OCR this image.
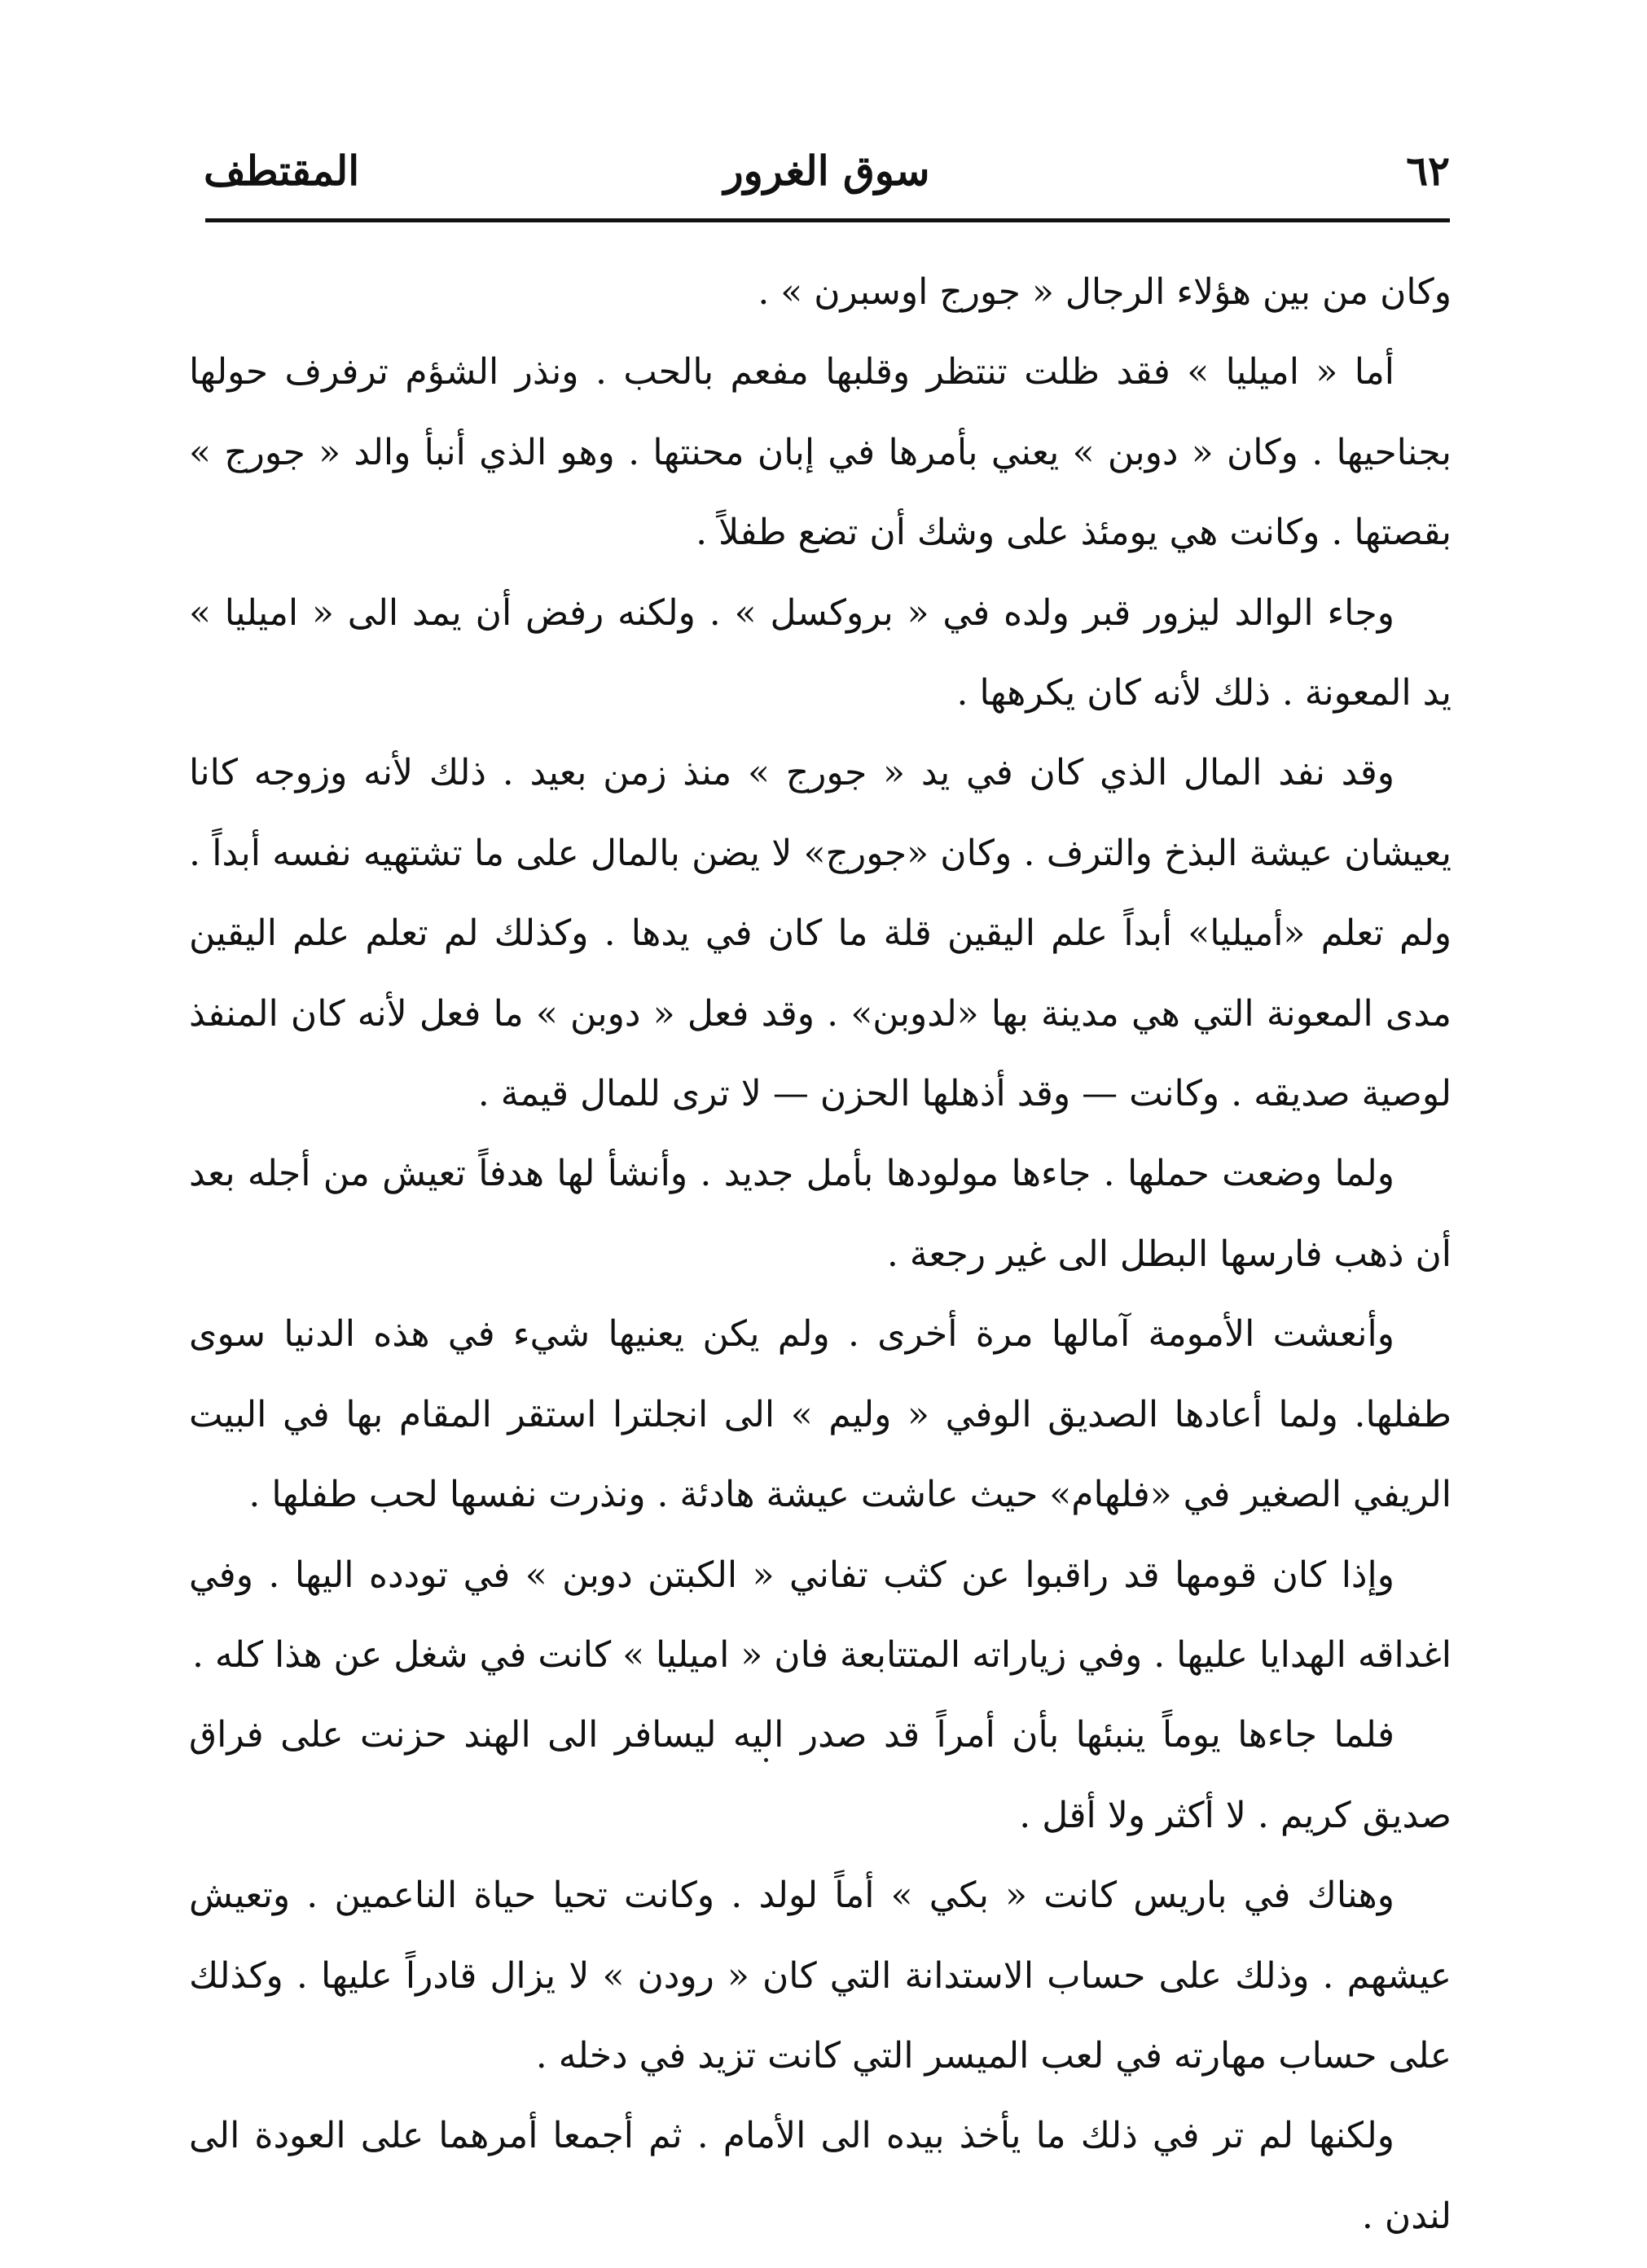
٦٢
سوق الغرور
المقتطف

وكان من بين هؤلاء الرجال « جورج اوسبرن » .

أما « اميليا » فقد ظلت تنتظر وقلبها مفعم بالحب . ونذر الشؤم ترفرف حولها بجناحيها . وكان « دوبن » يعني بأمرها في إبان محنتها . وهو الذي أنبأ والد « جورج » بقصتها . وكانت هي يومئذ على وشك أن تضع طفلاً .

وجاء الوالد ليزور قبر ولده في « بروكسل » . ولكنه رفض أن يمد الى « اميليا » يد المعونة . ذلك لأنه كان يكرهها .

وقد نفد المال الذي كان في يد « جورج » منذ زمن بعيد . ذلك لأنه وزوجه كانا يعيشان عيشة البذخ والترف . وكان «جورج» لا يضن بالمال على ما تشتهيه نفسه أبداً . ولم تعلم «أميليا» أبداً علم اليقين قلة ما كان في يدها . وكذلك لم تعلم علم اليقين مدى المعونة التي هي مدينة بها «لدوبن» . وقد فعل « دوبن » ما فعل لأنه كان المنفذ لوصية صديقه . وكانت — وقد أذهلها الحزن — لا ترى للمال قيمة .

ولما وضعت حملها . جاءها مولودها بأمل جديد . وأنشأ لها هدفاً تعيش من أجله بعد أن ذهب فارسها البطل الى غير رجعة .

وأنعشت الأمومة آمالها مرة أخرى . ولم يكن يعنيها شيء في هذه الدنيا سوى طفلها. ولما أعادها الصديق الوفي « وليم » الى انجلترا استقر المقام بها في البيت الريفي الصغير في «فلهام» حيث عاشت عيشة هادئة . ونذرت نفسها لحب طفلها .

وإذا كان قومها قد راقبوا عن كثب تفاني « الكبتن دوبن » في تودده اليها . وفي اغداقه الهدايا عليها . وفي زياراته المتتابعة فان « اميليا » كانت في شغل عن هذا كله .

فلما جاءها يوماً ينبئها بأن أمراً قد صدر اليه ليسافر الى الهند حزنت على فراق صديق كريم . لا أكثر ولا أقل .

وهناك في باريس كانت « بكي » أماً لولد . وكانت تحيا حياة الناعمين . وتعيش عيشهم . وذلك على حساب الاستدانة التي كان « رودن » لا يزال قادراً عليها . وكذلك على حساب مهارته في لعب الميسر التي كانت تزيد في دخله .

ولكنها لم تر في ذلك ما يأخذ بيده الى الأمام . ثم أجمعا أمرهما على العودة الى لندن .
